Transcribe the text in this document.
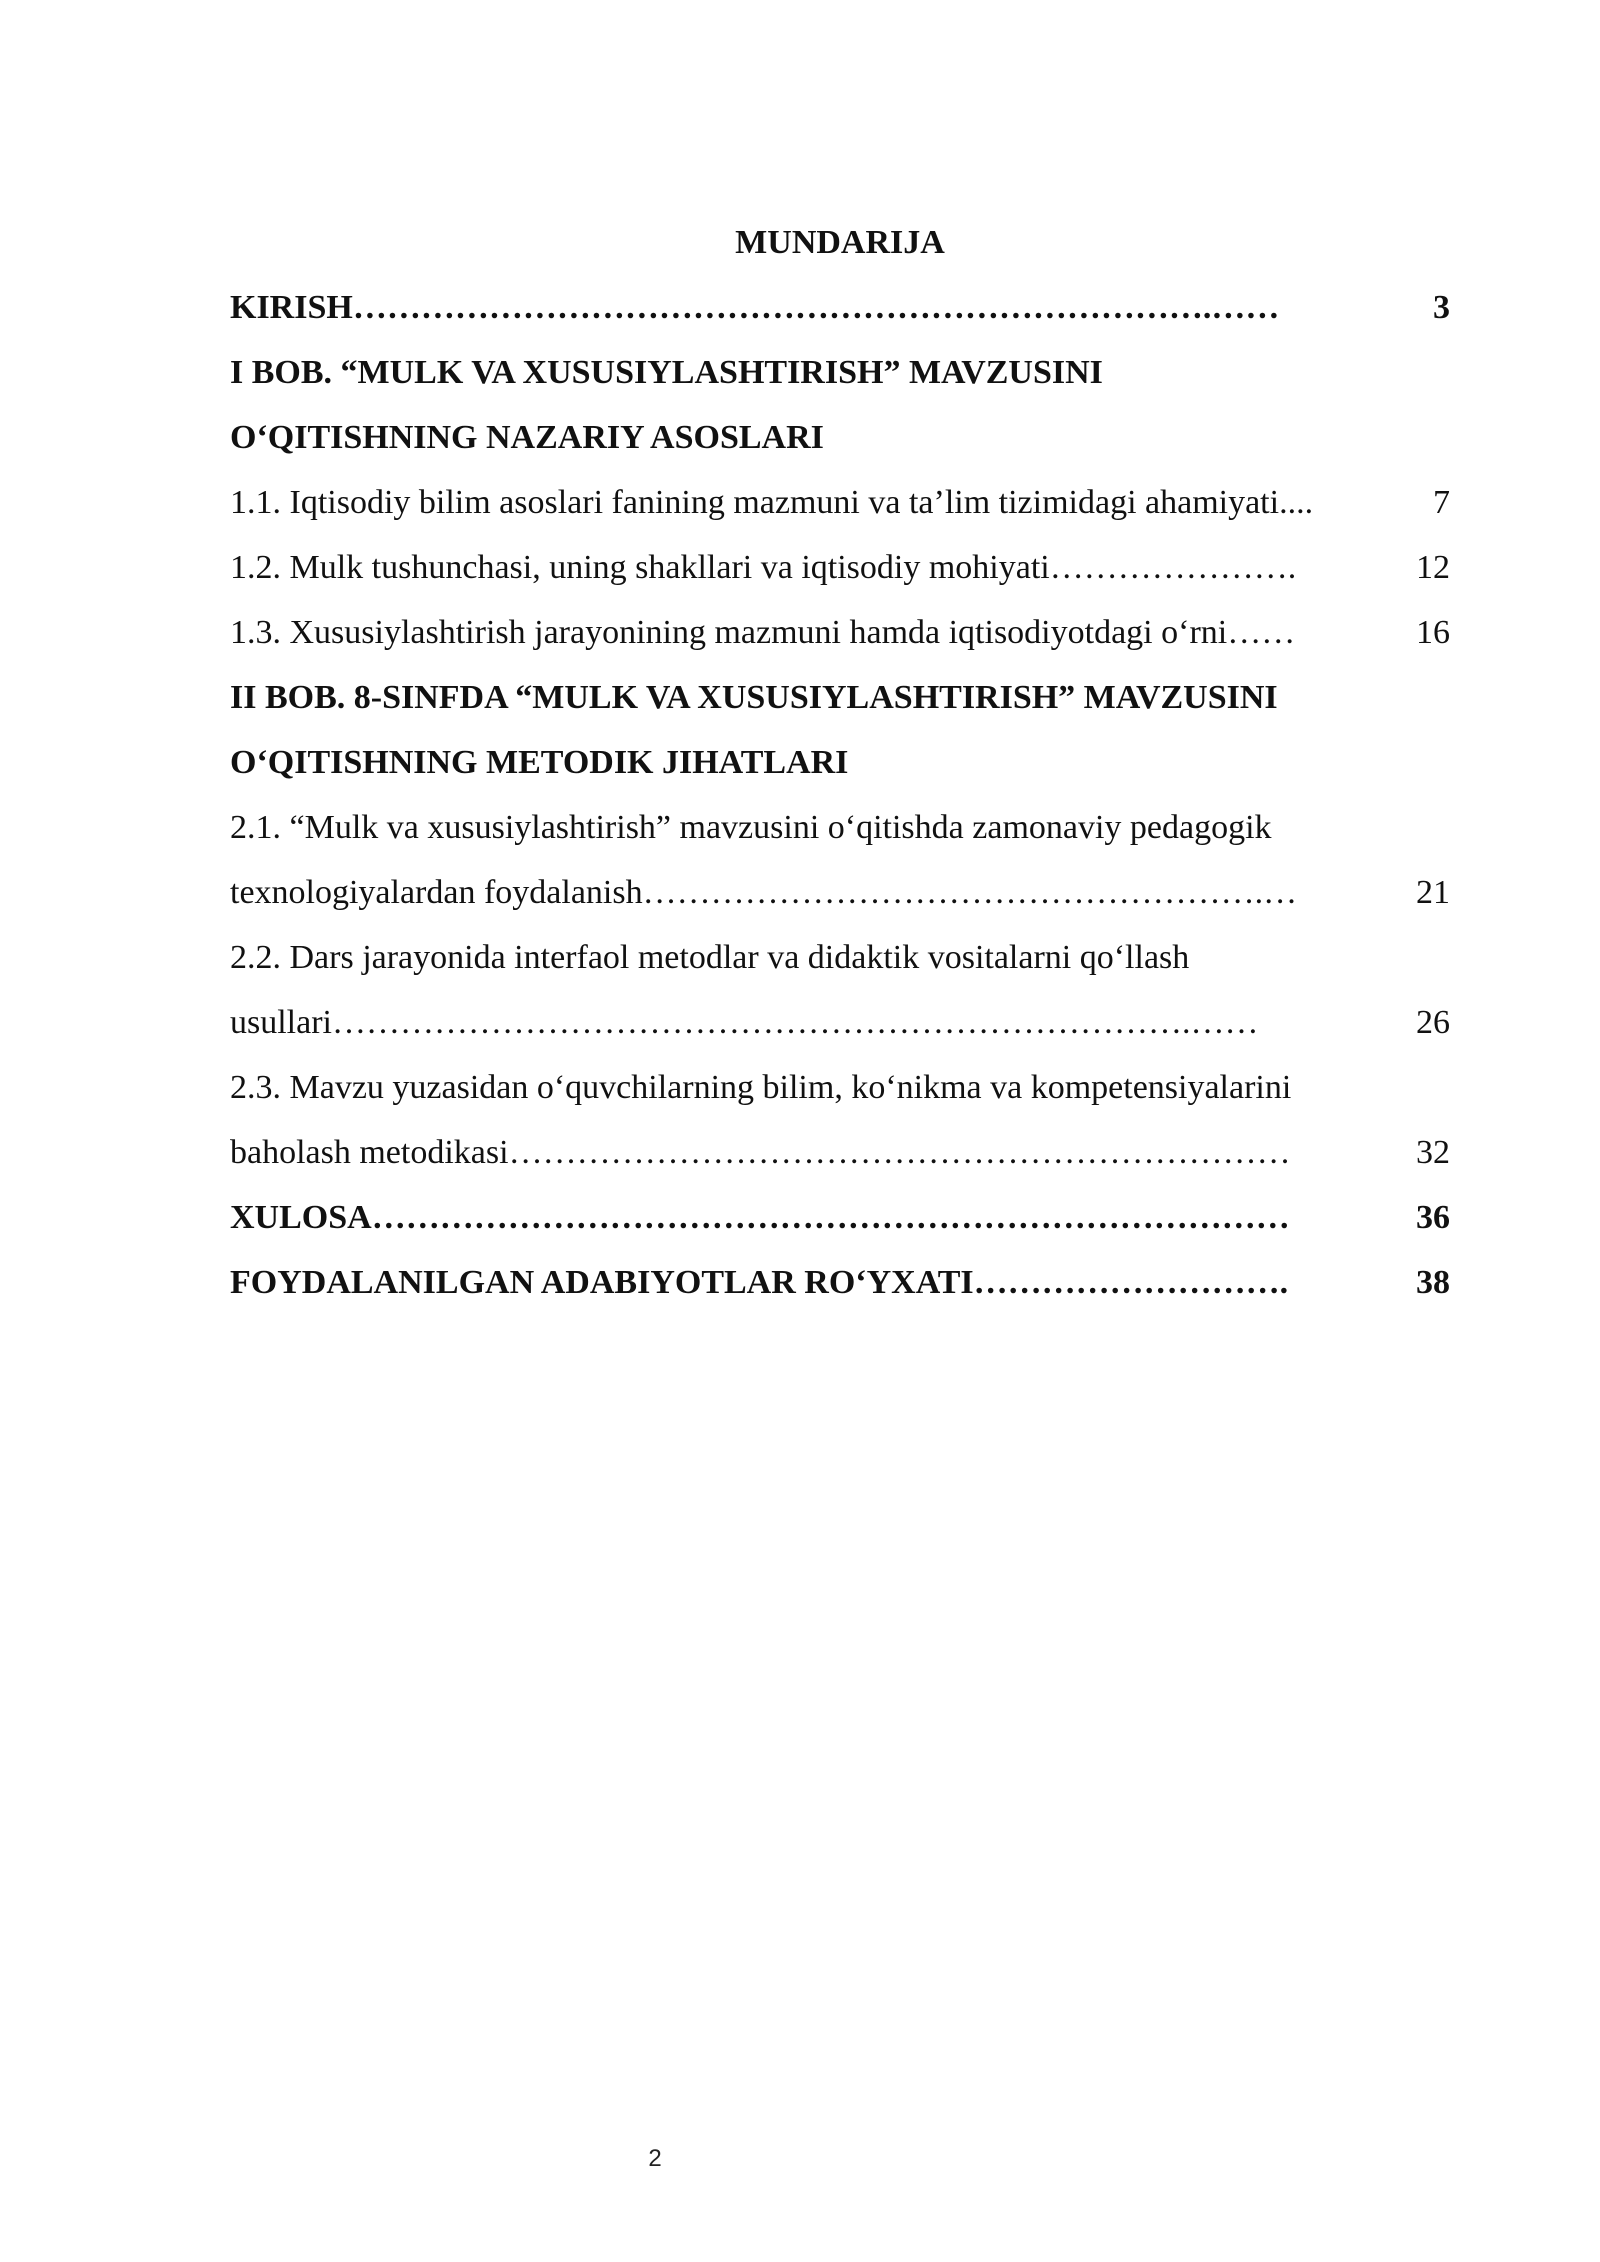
MUNDARIJA
KIRISH ………………………………………………………………….……	3
I BOB. “MULK VA XUSUSIYLASHTIRISH” MAVZUSINI
O‘QITISHNING NAZARIY ASOSLARI
1.1. Iqtisodiy bilim asoslari fanining mazmuni va ta’lim tizimidagi ahamiyati ....	7
1.2. Mulk tushunchasi, uning shakllari va iqtisodiy mohiyati ………………….	12
1.3. Xususiylashtirish jarayonining mazmuni hamda iqtisodiyotdagi o‘rni ……	16
II BOB. 8-SINFDA “MULK VA XUSUSIYLASHTIRISH” MAVZUSINI
O‘QITISHNING METODIK JIHATLARI
2.1. “Mulk va xususiylashtirish” mavzusini o‘qitishda zamonaviy pedagogik
texnologiyalardan foydalanish ……………………………………………….…	21
2.2. Dars jarayonida interfaol metodlar va didaktik vositalarni qo‘llash
usullari ………………………………………………………………….……	26
2.3. Mavzu yuzasidan o‘quvchilarning bilim, ko‘nikma va kompetensiyalarini
baholash metodikasi ……………………………………………………………	32
XULOSA ………………………………………………………………………	36
FOYDALANILGAN ADABIYOTLAR RO‘YXATI ……………………….	38
2
